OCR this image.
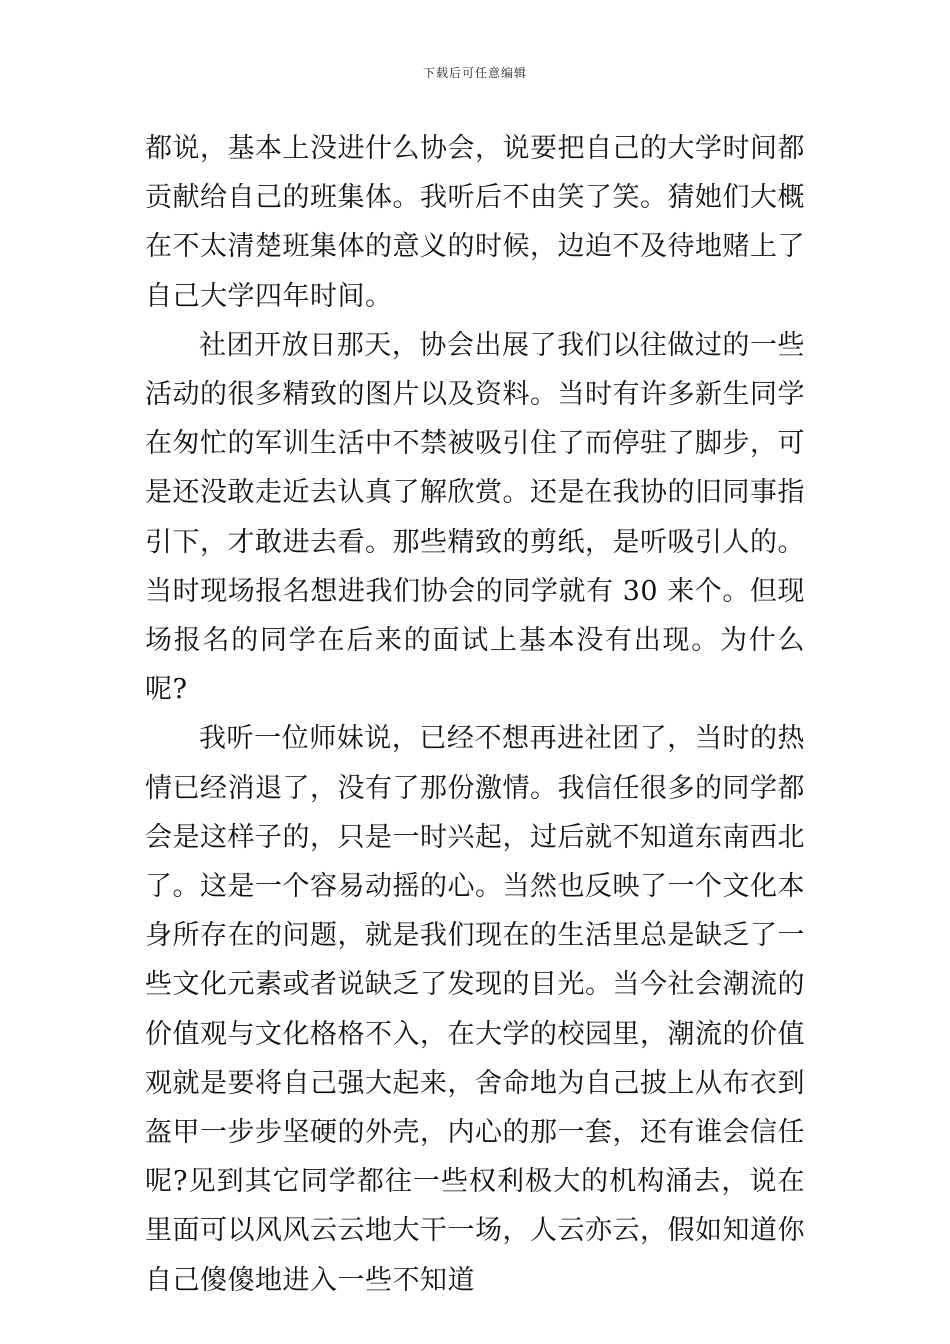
下载后可任意编辑

都说，基本上没进什么协会，说要把自己的大学时间都贡献给自己的班集体。我听后不由笑了笑。猜她们大概在不太清楚班集体的意义的时候，边迫不及待地赌上了自己大学四年时间。

社团开放日那天，协会出展了我们以往做过的一些活动的很多精致的图片以及资料。当时有许多新生同学在匆忙的军训生活中不禁被吸引住了而停驻了脚步，可是还没敢走近去认真了解欣赏。还是在我协的旧同事指引下，才敢进去看。那些精致的剪纸，是听吸引人的。当时现场报名想进我们协会的同学就有 30 来个。但现场报名的同学在后来的面试上基本没有出现。为什么呢?

我听一位师妹说，已经不想再进社团了，当时的热情已经消退了，没有了那份激情。我信任很多的同学都会是这样子的，只是一时兴起，过后就不知道东南西北了。这是一个容易动摇的心。当然也反映了一个文化本身所存在的问题，就是我们现在的生活里总是缺乏了一些文化元素或者说缺乏了发现的目光。当今社会潮流的价值观与文化格格不入，在大学的校园里，潮流的价值观就是要将自己强大起来，舍命地为自己披上从布衣到盔甲一步步坚硬的外壳，内心的那一套，还有谁会信任呢?见到其它同学都往一些权利极大的机构涌去，说在里面可以风风云云地大干一场，人云亦云，假如知道你自己傻傻地进入一些不知道
